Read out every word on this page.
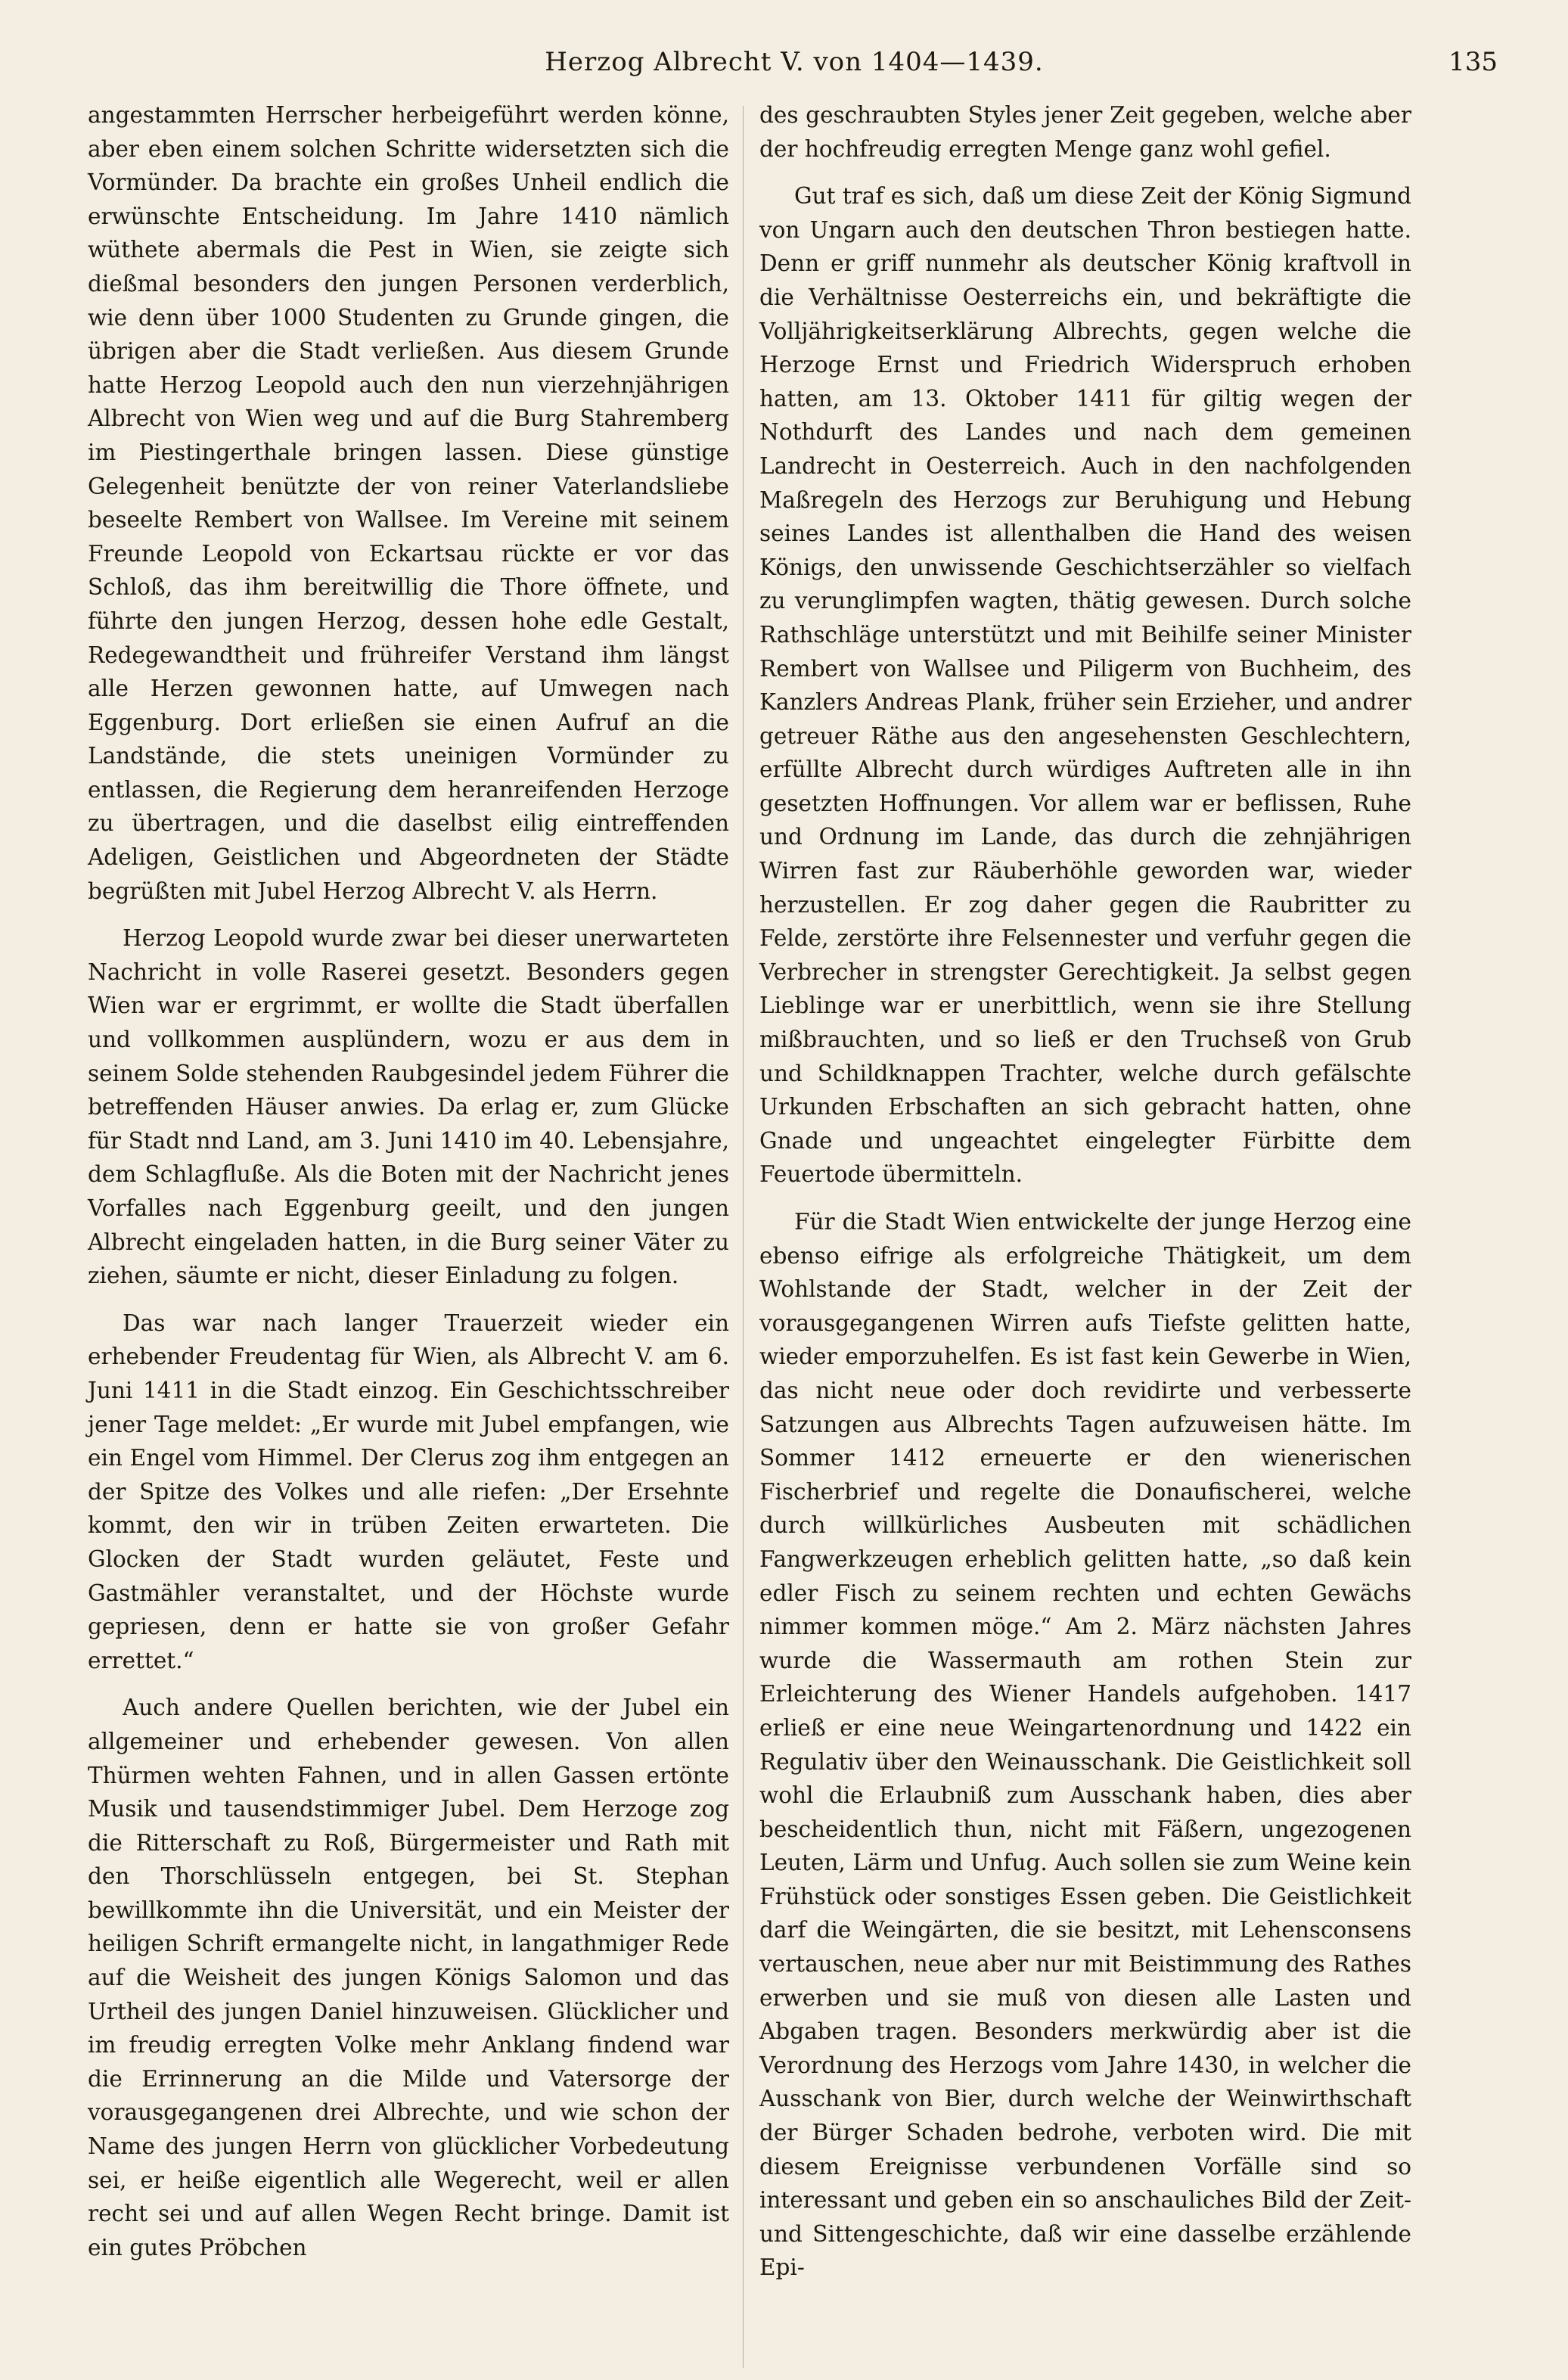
Herzog Albrecht V. von 1404—1439.	135

angestammten Herrscher herbeigeführt werden könne, aber eben einem solchen Schritte widersetzten sich die Vormünder. Da brachte ein großes Unheil endlich die erwünschte Entscheidung. Im Jahre 1410 nämlich wüthete abermals die Pest in Wien, sie zeigte sich dießmal besonders den jungen Personen verderblich, wie denn über 1000 Studenten zu Grunde gingen, die übrigen aber die Stadt verließen. Aus diesem Grunde hatte Herzog Leopold auch den nun vierzehnjährigen Albrecht von Wien weg und auf die Burg Stahremberg im Piestingerthale bringen lassen. Diese günstige Gelegenheit benützte der von reiner Vaterlandsliebe beseelte Rembert von Wallsee. Im Vereine mit seinem Freunde Leopold von Eckartsau rückte er vor das Schloß, das ihm bereitwillig die Thore öffnete, und führte den jungen Herzog, dessen hohe edle Gestalt, Redegewandtheit und frühreifer Verstand ihm längst alle Herzen gewonnen hatte, auf Umwegen nach Eggenburg. Dort erließen sie einen Aufruf an die Landstände, die stets uneinigen Vormünder zu entlassen, die Regierung dem heranreifenden Herzoge zu übertragen, und die daselbst eilig eintreffenden Adeligen, Geistlichen und Abgeordneten der Städte begrüßten mit Jubel Herzog Albrecht V. als Herrn.

Herzog Leopold wurde zwar bei dieser unerwarteten Nachricht in volle Raserei gesetzt. Besonders gegen Wien war er ergrimmt, er wollte die Stadt überfallen und vollkommen ausplündern, wozu er aus dem in seinem Solde stehenden Raubgesindel jedem Führer die betreffenden Häuser anwies. Da erlag er, zum Glücke für Stadt nnd Land, am 3. Juni 1410 im 40. Lebensjahre, dem Schlagfluße. Als die Boten mit der Nachricht jenes Vorfalles nach Eggenburg geeilt, und den jungen Albrecht eingeladen hatten, in die Burg seiner Väter zu ziehen, säumte er nicht, dieser Einladung zu folgen.

Das war nach langer Trauerzeit wieder ein erhebender Freudentag für Wien, als Albrecht V. am 6. Juni 1411 in die Stadt einzog. Ein Geschichtsschreiber jener Tage meldet: „Er wurde mit Jubel empfangen, wie ein Engel vom Himmel. Der Clerus zog ihm entgegen an der Spitze des Volkes und alle riefen: „Der Ersehnte kommt, den wir in trüben Zeiten erwarteten. Die Glocken der Stadt wurden geläutet, Feste und Gastmähler veranstaltet, und der Höchste wurde gepriesen, denn er hatte sie von großer Gefahr errettet.“

Auch andere Quellen berichten, wie der Jubel ein allgemeiner und erhebender gewesen. Von allen Thürmen wehten Fahnen, und in allen Gassen ertönte Musik und tausendstimmiger Jubel. Dem Herzoge zog die Ritterschaft zu Roß, Bürgermeister und Rath mit den Thorschlüsseln entgegen, bei St. Stephan bewillkommte ihn die Universität, und ein Meister der heiligen Schrift ermangelte nicht, in langathmiger Rede auf die Weisheit des jungen Königs Salomon und das Urtheil des jungen Daniel hinzuweisen. Glücklicher und im freudig erregten Volke mehr Anklang findend war die Errinnerung an die Milde und Vatersorge der vorausgegangenen drei Albrechte, und wie schon der Name des jungen Herrn von glücklicher Vorbedeutung sei, er heiße eigentlich alle Wegerecht, weil er allen recht sei und auf allen Wegen Recht bringe. Damit ist ein gutes Pröbchen

des geschraubten Styles jener Zeit gegeben, welche aber der hochfreudig erregten Menge ganz wohl gefiel.

Gut traf es sich, daß um diese Zeit der König Sigmund von Ungarn auch den deutschen Thron bestiegen hatte. Denn er griff nunmehr als deutscher König kraftvoll in die Verhältnisse Oesterreichs ein, und bekräftigte die Volljährigkeitserklärung Albrechts, gegen welche die Herzoge Ernst und Friedrich Widerspruch erhoben hatten, am 13. Oktober 1411 für giltig wegen der Nothdurft des Landes und nach dem gemeinen Landrecht in Oesterreich. Auch in den nachfolgenden Maßregeln des Herzogs zur Beruhigung und Hebung seines Landes ist allenthalben die Hand des weisen Königs, den unwissende Geschichtserzähler so vielfach zu verunglimpfen wagten, thätig gewesen. Durch solche Rathschläge unterstützt und mit Beihilfe seiner Minister Rembert von Wallsee und Piligerm von Buchheim, des Kanzlers Andreas Plank, früher sein Erzieher, und andrer getreuer Räthe aus den angesehensten Geschlechtern, erfüllte Albrecht durch würdiges Auftreten alle in ihn gesetzten Hoffnungen. Vor allem war er beflissen, Ruhe und Ordnung im Lande, das durch die zehnjährigen Wirren fast zur Räuberhöhle geworden war, wieder herzustellen. Er zog daher gegen die Raubritter zu Felde, zerstörte ihre Felsennester und verfuhr gegen die Verbrecher in strengster Gerechtigkeit. Ja selbst gegen Lieblinge war er unerbittlich, wenn sie ihre Stellung mißbrauchten, und so ließ er den Truchseß von Grub und Schildknappen Trachter, welche durch gefälschte Urkunden Erbschaften an sich gebracht hatten, ohne Gnade und ungeachtet eingelegter Fürbitte dem Feuertode übermitteln.

Für die Stadt Wien entwickelte der junge Herzog eine ebenso eifrige als erfolgreiche Thätigkeit, um dem Wohlstande der Stadt, welcher in der Zeit der vorausgegangenen Wirren aufs Tiefste gelitten hatte, wieder emporzuhelfen. Es ist fast kein Gewerbe in Wien, das nicht neue oder doch revidirte und verbesserte Satzungen aus Albrechts Tagen aufzuweisen hätte. Im Sommer 1412 erneuerte er den wienerischen Fischerbrief und regelte die Donaufischerei, welche durch willkürliches Ausbeuten mit schädlichen Fangwerkzeugen erheblich gelitten hatte, „so daß kein edler Fisch zu seinem rechten und echten Gewächs nimmer kommen möge.“ Am 2. März nächsten Jahres wurde die Wassermauth am rothen Stein zur Erleichterung des Wiener Handels aufgehoben. 1417 erließ er eine neue Weingartenordnung und 1422 ein Regulativ über den Weinausschank. Die Geistlichkeit soll wohl die Erlaubniß zum Ausschank haben, dies aber bescheidentlich thun, nicht mit Fäßern, ungezogenen Leuten, Lärm und Unfug. Auch sollen sie zum Weine kein Frühstück oder sonstiges Essen geben. Die Geistlichkeit darf die Weingärten, die sie besitzt, mit Lehensconsens vertauschen, neue aber nur mit Beistimmung des Rathes erwerben und sie muß von diesen alle Lasten und Abgaben tragen. Besonders merkwürdig aber ist die Verordnung des Herzogs vom Jahre 1430, in welcher die Ausschank von Bier, durch welche der Weinwirthschaft der Bürger Schaden bedrohe, verboten wird. Die mit diesem Ereignisse verbundenen Vorfälle sind so interessant und geben ein so anschauliches Bild der Zeit- und Sittengeschichte, daß wir eine dasselbe erzählende Epi-
